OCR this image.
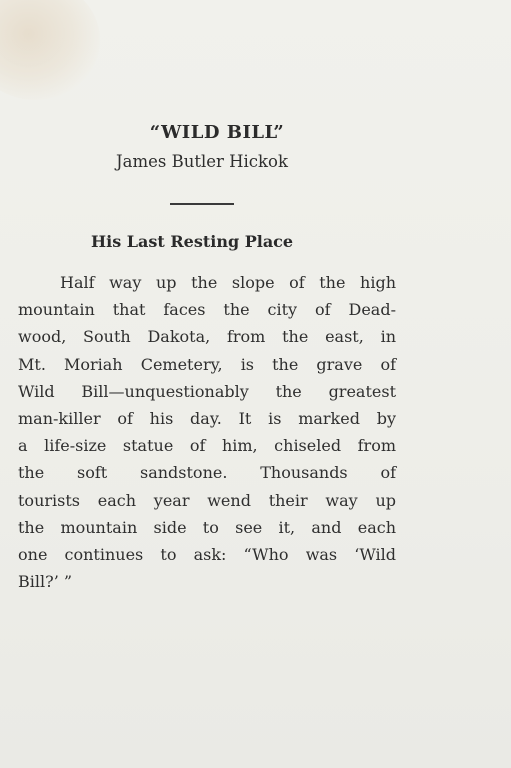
“WILD BILL”
James Butler Hickok
His Last Resting Place
Half way up the slope of the high
mountain that faces the city of Dead-
wood, South Dakota, from the east, in
Mt. Moriah Cemetery, is the grave of
Wild Bill—unquestionably the greatest
man-killer of his day. It is marked by
a life-size statue of him, chiseled from
the soft sandstone. Thousands of
tourists each year wend their way up
the mountain side to see it, and each
one continues to ask: “Who was ‘Wild
Bill?’ ”
